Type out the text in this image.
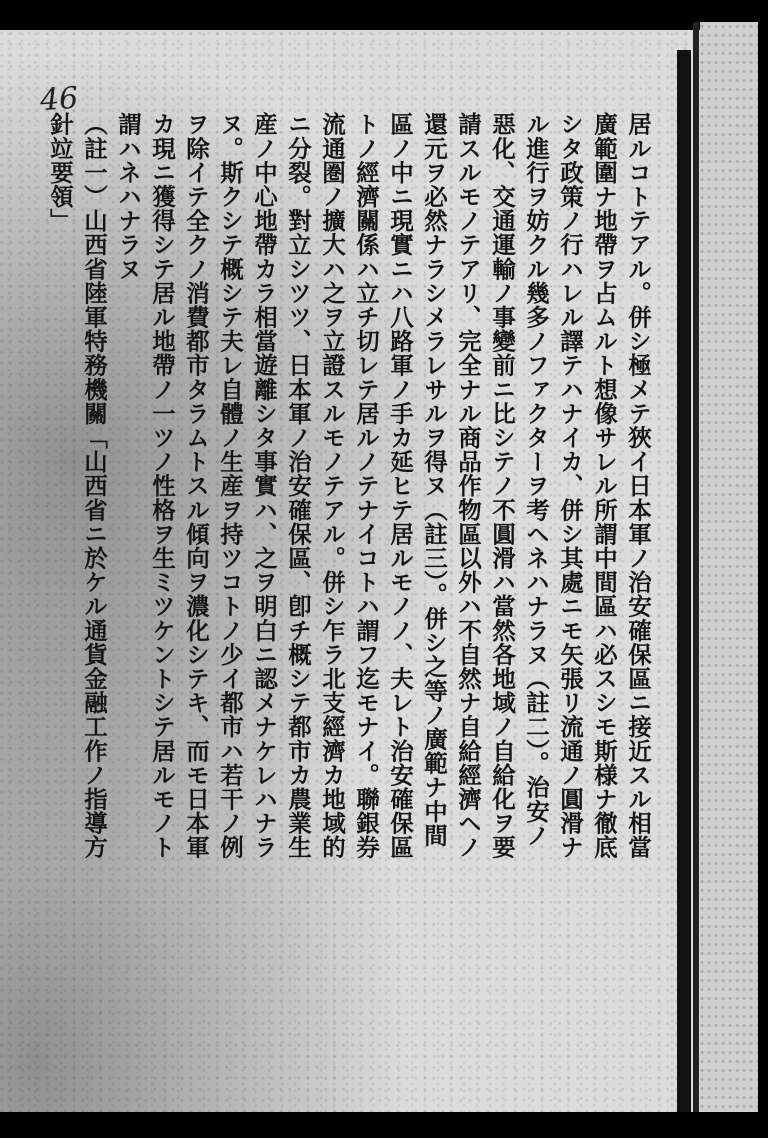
46

居ルコトテアル。併シ極メテ狹イ日本軍ノ治安確保區ニ接近スル相當

廣範圍ナ地帶ヲ占ムルト想像サレル所謂中間區ハ必スシモ斯様ナ徹底

シタ政策ノ行ハレル譯テハナイカ、併シ其處ニモ矢張リ流通ノ圓滑ナ

ル進行ヲ妨クル幾多ノファクターヲ考ヘネハナラヌ（註二）。治安ノ

惡化、交通運輸ノ事變前ニ比シテノ不圓滑ハ當然各地域ノ自給化ヲ要

請スルモノテアリ、完全ナル商品作物區以外ハ不自然ナ自給經濟ヘノ

還元ヲ必然ナラシメラレサルヲ得ヌ（註三）。併シ之等ノ廣範ナ中間

區ノ中ニ現實ニハ八路軍ノ手カ延ヒテ居ルモノノ、夫レト治安確保區

トノ經濟關係ハ立チ切レテ居ルノテナイコトハ謂フ迄モナイ。聯銀券

流通圏ノ擴大ハ之ヲ立證スルモノテアル。併シ乍ラ北支經濟カ地域的

ニ分裂。對立シツツ、日本軍ノ治安確保區、卽チ概シテ都市カ農業生

産ノ中心地帶カラ相當遊離シタ事實ハ、之ヲ明白ニ認メナケレハナラ

ヌ。斯クシテ概シテ夫レ自體ノ生産ヲ持ツコトノ少イ都市ハ若干ノ例

ヲ除イテ全クノ消費都市タラムトスル傾向ヲ濃化シテキ、而モ日本軍

カ現ニ獲得シテ居ル地帶ノ一ツノ性格ヲ生ミツケントシテ居ルモノト

謂ハネハナラヌ

（註一）山西省陸軍特務機關「山西省ニ於ケル通貨金融工作ノ指導方

針竝要領」
